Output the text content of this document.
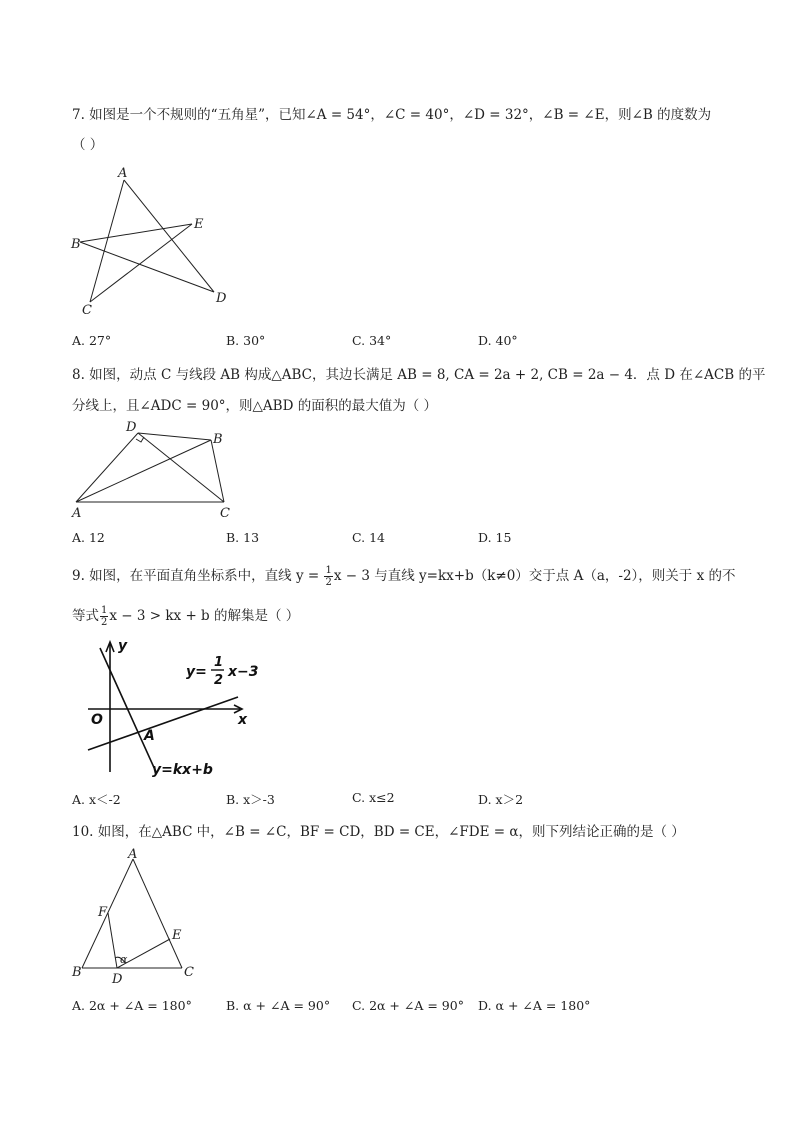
7. 如图是一个不规则的“五角星”，已知∠A = 54°，∠C = 40°，∠D = 32°，∠B = ∠E，则∠B 的度数为
（ ）
A
B
C
D
E
A. 27°	B. 30°	C. 34°	D. 40°
8. 如图，动点 C 与线段 AB 构成△ABC，其边长满足 AB = 8, CA = 2a + 2, CB = 2a − 4．点 D 在∠ACB 的平
分线上，且∠ADC = 90°，则△ABD 的面积的最大值为（ ）
A
B
C
D
A. 12	B. 13	C. 14	D. 15
9. 如图，在平面直角坐标系中，直线 $y = \frac{1}{2}$ x − 3 与直线 y=kx+b（k≠0）交于点 A（a，-2），则关于 x 的不
等式 $\frac{1}{2}$ x − 3 > kx + b 的解集是（ ）
y
x
O
A
y=
1
2
x−3
y=kx+b
A. x＜-2	B. x＞-3	C. x≤2	D. x＞2
10. 如图，在△ABC 中，∠B = ∠C，BF = CD，BD = CE，∠FDE = α，则下列结论正确的是（ ）
A
B	C
D
E
F
α
A. 2α + ∠A = 180°	B. α + ∠A = 90° C. 2α + ∠A = 90° D. α + ∠A = 180°
